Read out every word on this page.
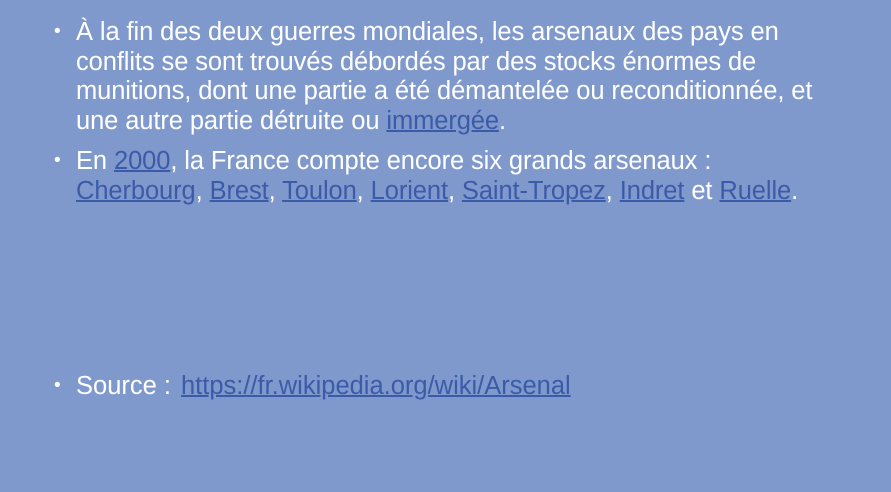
• À la fin des deux guerres mondiales, les arsenaux des pays en conflits se sont trouvés débordés par des stocks énormes de munitions, dont une partie a été démantelée ou reconditionnée, et une autre partie détruite ou immergée.
• En 2000, la France compte encore six grands arsenaux : Cherbourg, Brest, Toulon, Lorient, Saint-Tropez, Indret et Ruelle.
• Source : https://fr.wikipedia.org/wiki/Arsenal
